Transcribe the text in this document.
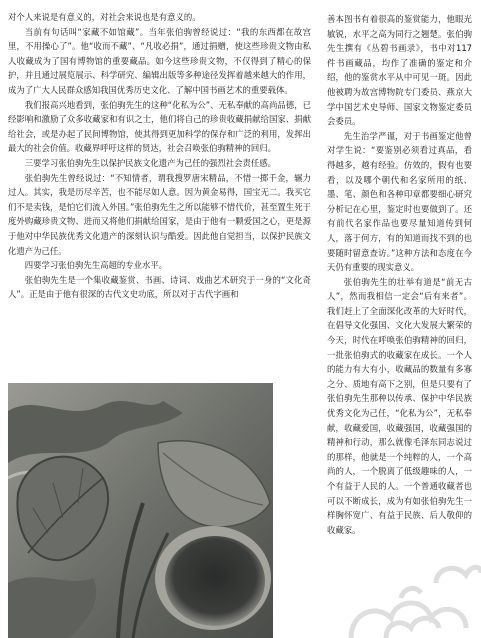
对个人来说是有意义的，对社会来说也是有意义的。

当前有句话叫“家藏不如馆藏”。当年张伯驹曾经说过：“我的东西都在故宫里，不用操心了”。他“收而不藏”、“凡收必捐”，通过捐赠，使这些珍贵文物由私人收藏成为了国有博物馆的重要藏品。如今这些珍贵文物，不仅得到了精心的保护，并且通过展览展示、科学研究、编辑出版等多种途径发挥着越来越大的作用，成为了广大人民群众感知我国优秀历史文化、了解中国书画艺术的重要载体。

我们报高兴地看到，张伯驹先生的这种“化私为公”、无私奉献的高尚品德，已经影响和激励了众多收藏家和有识之士，他们将自己的珍贵收藏捐献给国家、捐献给社会，或是办起了民间博物馆，使其得到更加科学的保存和广泛的利用，发挥出最大的社会价值。收藏界呼吁这样的贤达，社会召唤张伯驹精神的回归。

三要学习张伯驹先生以保护民族文化遗产为己任的强烈社会责任感。

张伯驹先生曾经说过：“不知情者，谓我搜罗唐宋精品，不惜一掷千金，辗力过人。其实，我是历尽辛苦，也不能尽如人意。因为黄金易得，国宝无二。我买它们不是卖钱，是怕它们流入外国。”张伯驹先生之所以能够不惜代价，甚至置生死于度外购藏珍贵文物、进而又将他们捐献给国家，是由于他有一颗爱国之心，更是源于他对中华民族优秀文化遗产的深刻认识与酷爱。因此他自觉担当，以保护民族文化遗产为己任。

四要学习张伯驹先生高超的专业水平。

张伯驹先生是一个集收藏鉴赏、书画、诗词、戏曲艺术研究于一身的“文化奇人”。正是由于他有很深的古代文史功底，所以对于古代字画和

善本图书有着很高的鉴赏能力，他眼光敏锐，水平之高为同行之翘楚。张伯驹先生撰有《丛碧书画录》，书中对117件书画藏品，均作了准确的鉴定和介绍，他的鉴赏水平从中可见一斑。因此他被聘为故宫博物院专门委员、燕京大学中国艺术史导师、国家文物鉴定委员会委员。

先生治学严谨，对于书画鉴定他曾对学生说：“要鉴别必须看过真品，看得越多，越有经验。仿效的，假有也要看，以及哪个朝代和名家所用的纸、墨、笔、颜色和各种印章都要细心研究分析记在心里，鉴定时也要做到了。还有前代名家作品也要尽量知道传到何人，落于何方，有的知道而找不到的也要随时留意查访。”这种方法和态度在今天仍有重要的现实意义。

张伯驹先生的壮举有道是“前无古人”，然而我相信一定会“后有来者”。我们赶上了全面深化改革的大好时代，在倡导文化强国、文化大发展大繁荣的今天，时代在呼唤张伯驹精神的回归，一批张伯驹式的收藏家在成长。一个人的能力有大有小，收藏品的数量有多寡之分、质地有高下之别，但是只要有了张伯驹先生那种以传承、保护中华民族优秀文化为己任，“化私为公”，无私奉献，收藏爱国，收藏强国，收藏强国的精神和行动，那么就像毛泽东同志说过的那样，他就是一个纯粹的人，一个高尚的人，一个脱离了低级趣味的人，一个有益于人民的人。一个普通收藏者也可以不断成长，成为有如张伯驹先生一样胸怀宽广、有益于民族、后人敬仰的收藏家。
